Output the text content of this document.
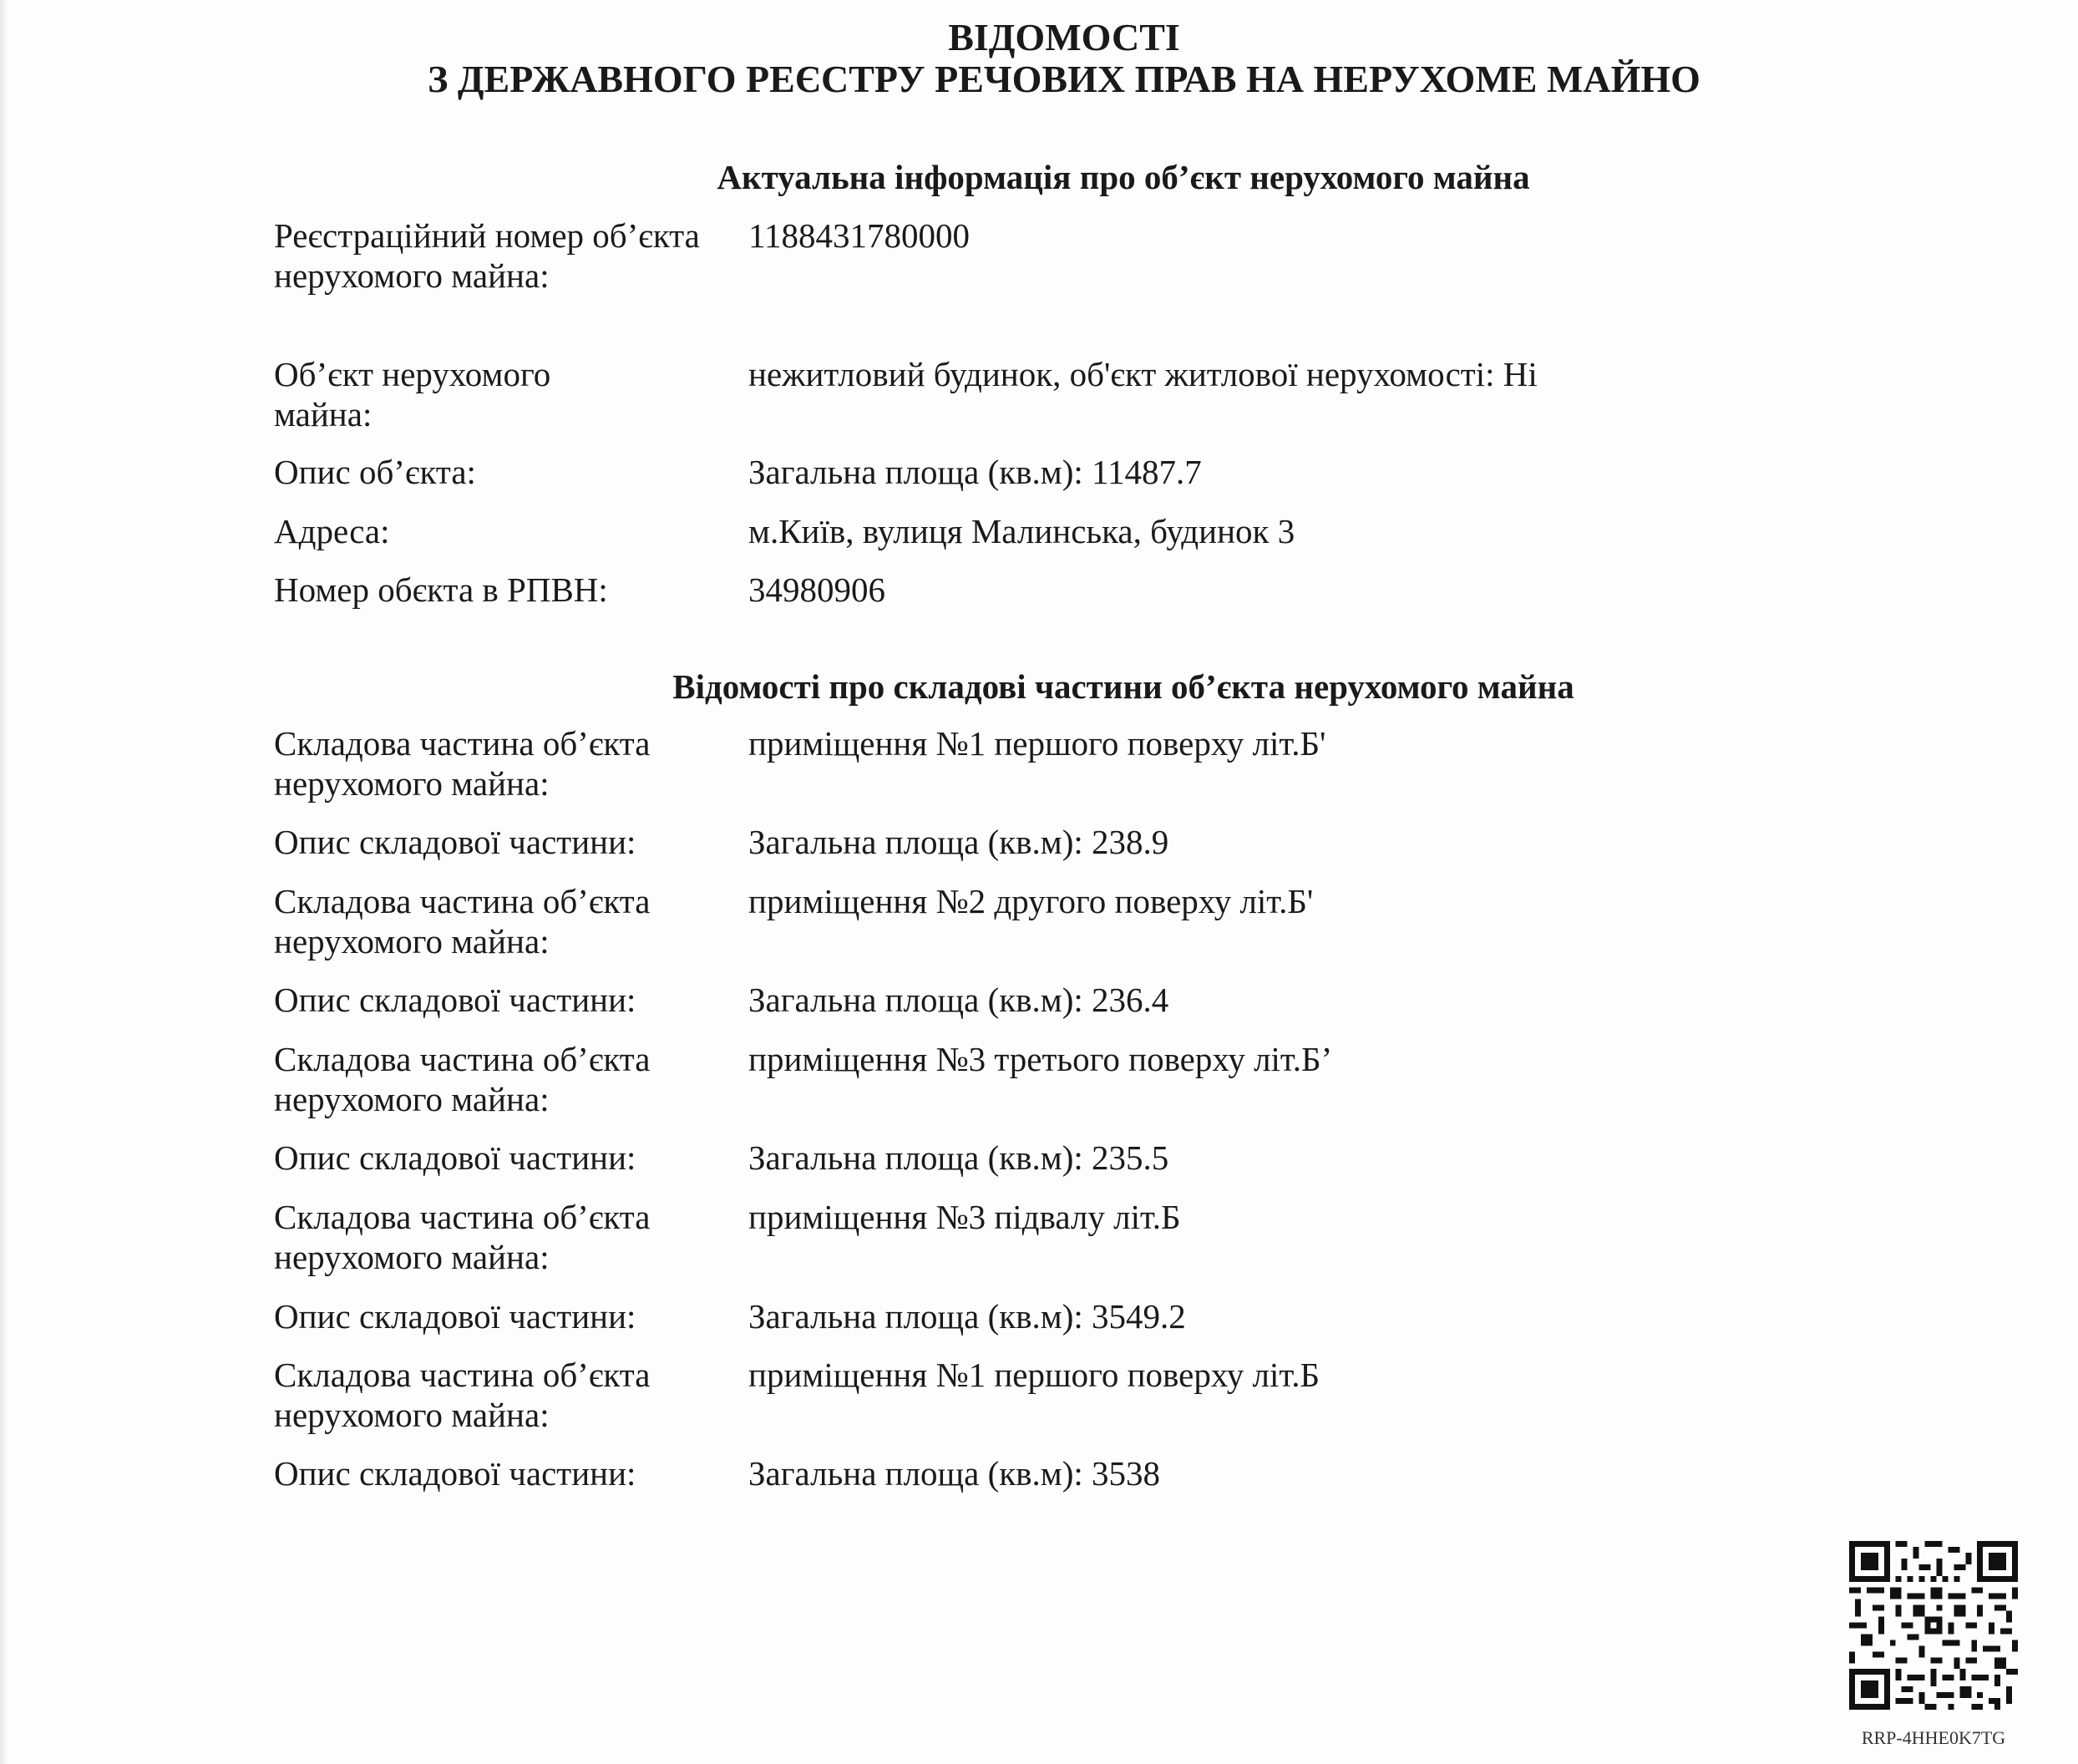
ВІДОМОСТІ
З ДЕРЖАВНОГО РЕЄСТРУ РЕЧОВИХ ПРАВ НА НЕРУХОМЕ МАЙНО
Актуальна інформація про об’єкт нерухомого майна
Реєстраційний номер об’єкта нерухомого майна:
1188431780000
Об’єкт нерухомого майна:
нежитловий будинок, об'єкт житлової нерухомості: Ні
Опис об’єкта:	Загальна площа (кв.м): 11487.7
Адреса:	м.Київ, вулиця Малинська, будинок 3
Номер обєкта в РПВН:	34980906
Відомості про складові частини об’єкта нерухомого майна
Складова частина об’єкта нерухомого майна:
приміщення №1 першого поверху літ.Б'
Опис складової частини:	Загальна площа (кв.м): 238.9
Складова частина об’єкта нерухомого майна:
приміщення №2 другого поверху літ.Б'
Опис складової частини:	Загальна площа (кв.м): 236.4
Складова частина об’єкта нерухомого майна:
приміщення №3 третього поверху літ.Б’
Опис складової частини:	Загальна площа (кв.м): 235.5
Складова частина об’єкта нерухомого майна:
приміщення №3 підвалу літ.Б
Опис складової частини:	Загальна площа (кв.м): 3549.2
Складова частина об’єкта нерухомого майна:
приміщення №1 першого поверху літ.Б
Опис складової частини:	Загальна площа (кв.м): 3538
RRP-4HHE0K7TG
